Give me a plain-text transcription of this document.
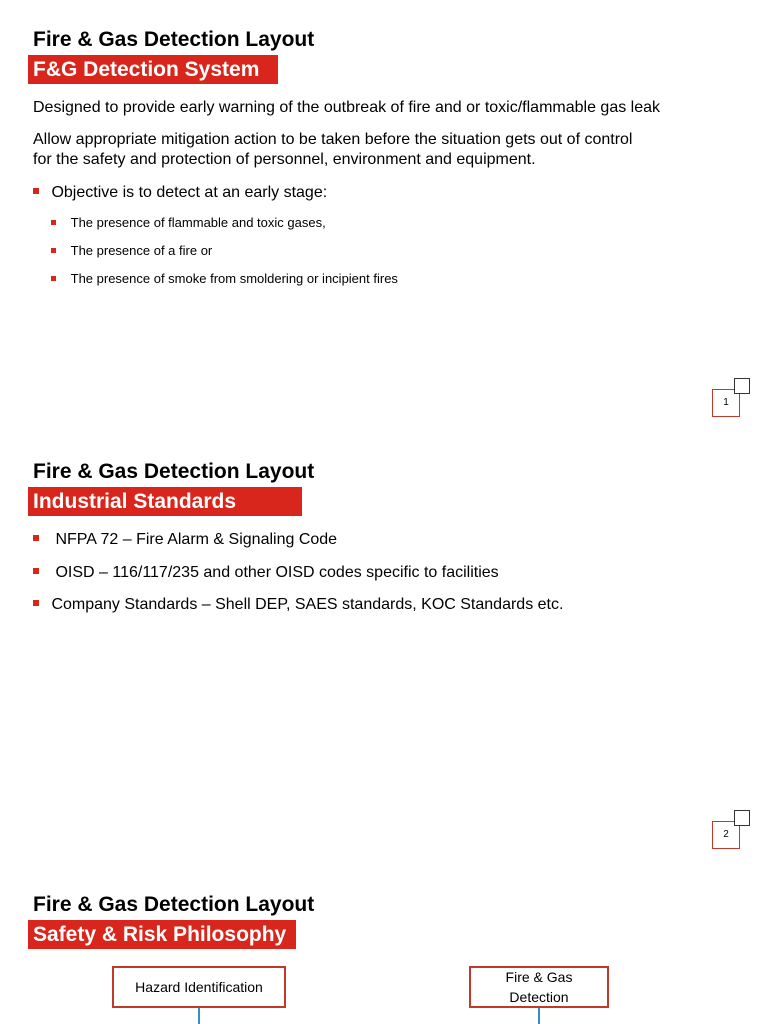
Fire & Gas Detection Layout
F&G Detection System
Designed to provide early warning of the outbreak of fire and or toxic/flammable gas leak
Allow appropriate mitigation action to be taken before the situation gets out of control
for the safety and protection of personnel, environment and equipment.
Objective is to detect at an early stage:
The presence of flammable and toxic gases,
The presence of a fire or
The presence of smoke from smoldering or incipient fires
1
Fire & Gas Detection Layout
Industrial Standards
NFPA 72 – Fire Alarm & Signaling Code
OISD – 116/117/235 and other OISD codes specific to facilities
Company Standards – Shell DEP, SAES standards, KOC Standards etc.
2
Fire & Gas Detection Layout
Safety & Risk Philosophy
Hazard Identification
Fire & Gas
Detection
